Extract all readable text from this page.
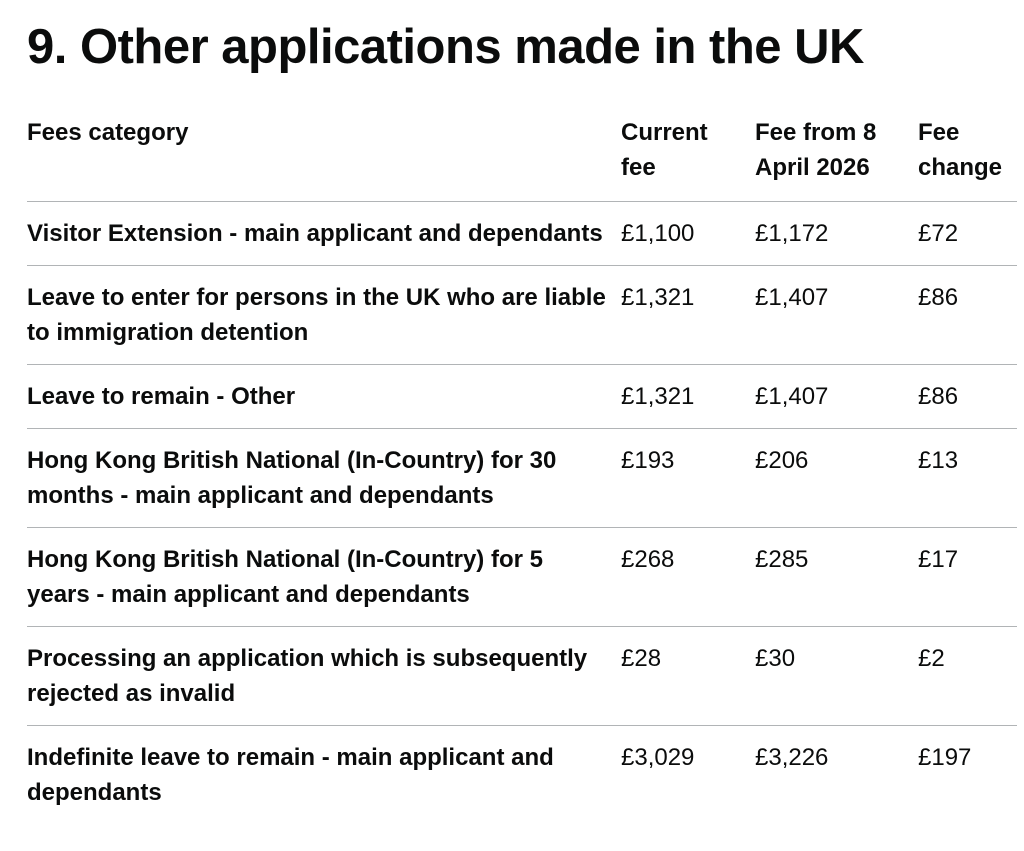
9. Other applications made in the UK
Fees category	Current fee	Fee from 8 April 2026	Fee change
Visitor Extension - main applicant and dependants	£1,100	£1,172	£72
Leave to enter for persons in the UK who are liable to immigration detention	£1,321	£1,407	£86
Leave to remain - Other	£1,321	£1,407	£86
Hong Kong British National (In-Country) for 30 months - main applicant and dependants	£193	£206	£13
Hong Kong British National (In-Country) for 5 years - main applicant and dependants	£268	£285	£17
Processing an application which is subsequently rejected as invalid	£28	£30	£2
Indefinite leave to remain - main applicant and dependants	£3,029	£3,226	£197
